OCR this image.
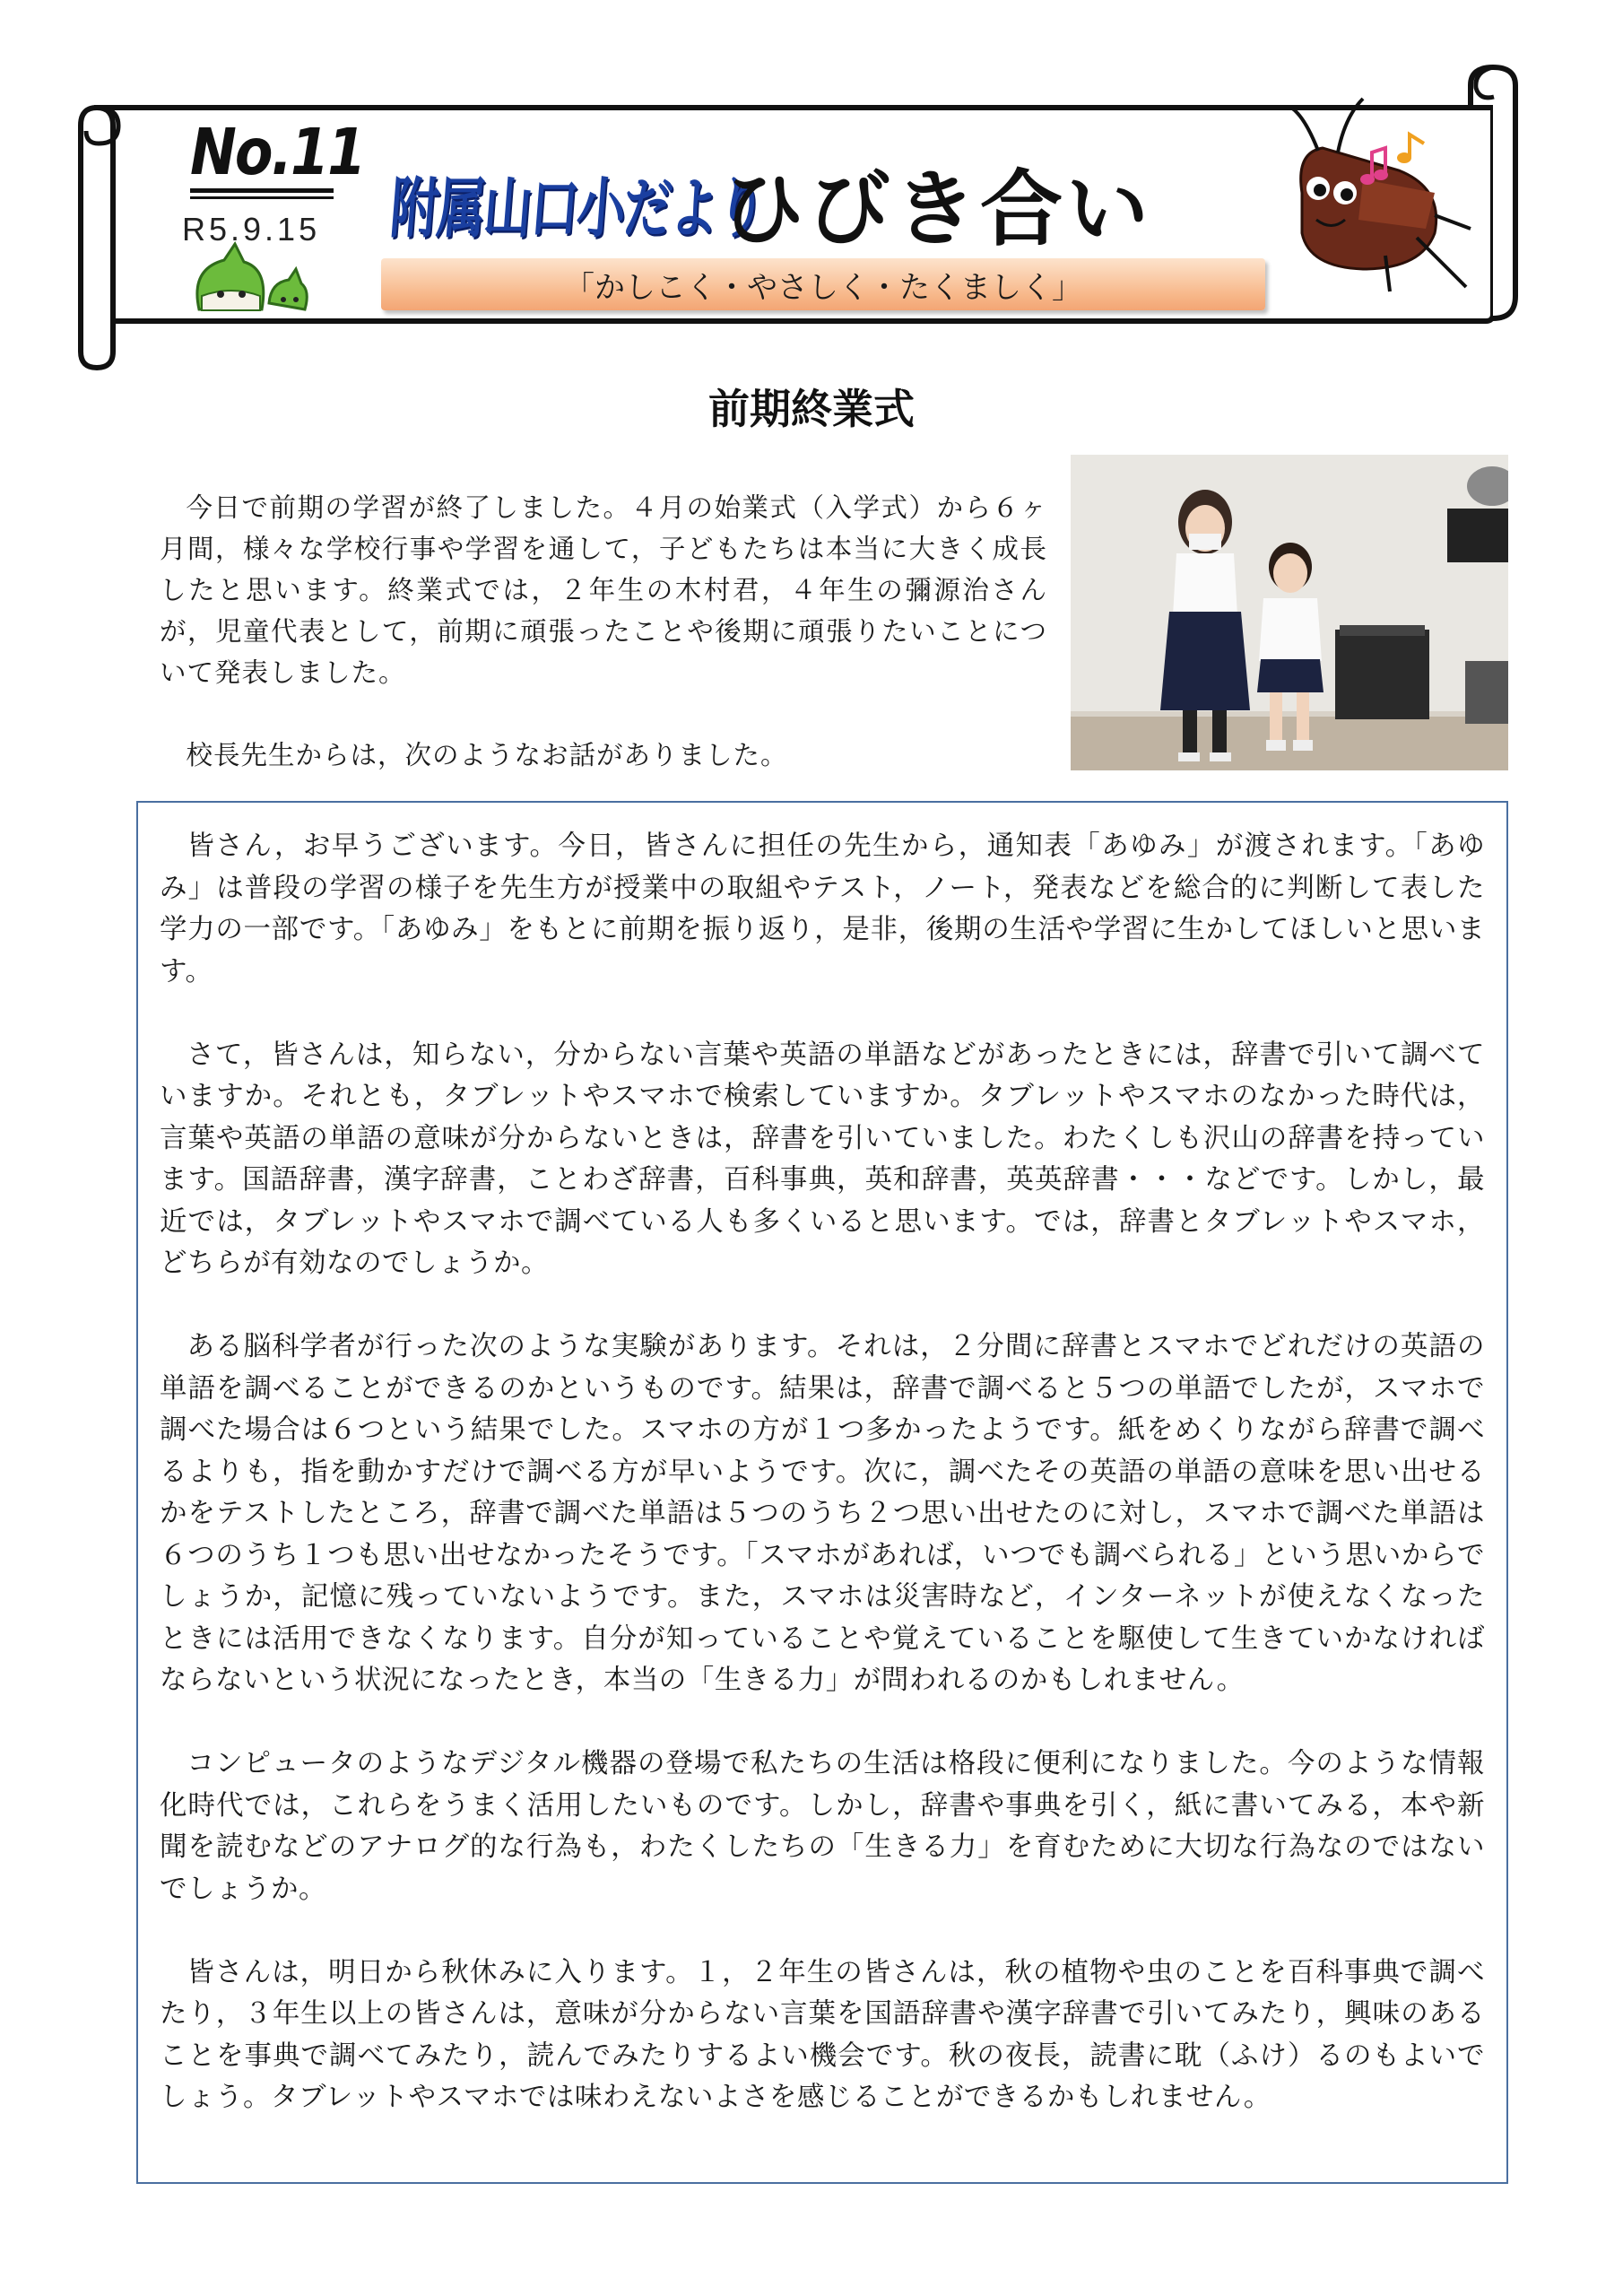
No.11
R5.9.15 附属山口小だより
ひびき合い
「かしこく・やさしく・たくましく」
前期終業式

今日で前期の学習が終了しました。４月の始業式（入学式）から６ヶ月間，様々な学校行事や学習を通して，子どもたちは本当に大きく成長したと思います。終業式では，２年生の木村君，４年生の彌源治さんが，児童代表として，前期に頑張ったことや後期に頑張りたいことについて発表しました。

校長先生からは，次のようなお話がありました。

皆さん，お早うございます。今日，皆さんに担任の先生から，通知表「あゆみ」が渡されます。「あゆみ」は普段の学習の様子を先生方が授業中の取組やテスト，ノート，発表などを総合的に判断して表した学力の一部です。「あゆみ」をもとに前期を振り返り，是非，後期の生活や学習に生かしてほしいと思います。

さて，皆さんは，知らない，分からない言葉や英語の単語などがあったときには，辞書で引いて調べていますか。それとも，タブレットやスマホで検索していますか。タブレットやスマホのなかった時代は，言葉や英語の単語の意味が分からないときは，辞書を引いていました。わたくしも沢山の辞書を持っています。国語辞書，漢字辞書，ことわざ辞書，百科事典，英和辞書，英英辞書・・・などです。しかし，最近では，タブレットやスマホで調べている人も多くいると思います。では，辞書とタブレットやスマホ，どちらが有効なのでしょうか。

ある脳科学者が行った次のような実験があります。それは，２分間に辞書とスマホでどれだけの英語の単語を調べることができるのかというものです。結果は，辞書で調べると５つの単語でしたが，スマホで調べた場合は６つという結果でした。スマホの方が１つ多かったようです。紙をめくりながら辞書で調べるよりも，指を動かすだけで調べる方が早いようです。次に，調べたその英語の単語の意味を思い出せるかをテストしたところ，辞書で調べた単語は５つのうち２つ思い出せたのに対し，スマホで調べた単語は６つのうち１つも思い出せなかったそうです。「スマホがあれば，いつでも調べられる」という思いからでしょうか，記憶に残っていないようです。また，スマホは災害時など，インターネットが使えなくなったときには活用できなくなります。自分が知っていることや覚えていることを駆使して生きていかなければならないという状況になったとき，本当の「生きる力」が問われるのかもしれません。

コンピュータのようなデジタル機器の登場で私たちの生活は格段に便利になりました。今のような情報化時代では，これらをうまく活用したいものです。しかし，辞書や事典を引く，紙に書いてみる，本や新聞を読むなどのアナログ的な行為も，わたくしたちの「生きる力」を育むために大切な行為なのではないでしょうか。

皆さんは，明日から秋休みに入ります。１，２年生の皆さんは，秋の植物や虫のことを百科事典で調べたり，３年生以上の皆さんは，意味が分からない言葉を国語辞書や漢字辞書で引いてみたり，興味のあることを事典で調べてみたり，読んでみたりするよい機会です。秋の夜長，読書に耽（ふけ）るのもよいでしょう。タブレットやスマホでは味わえないよさを感じることができるかもしれません。
